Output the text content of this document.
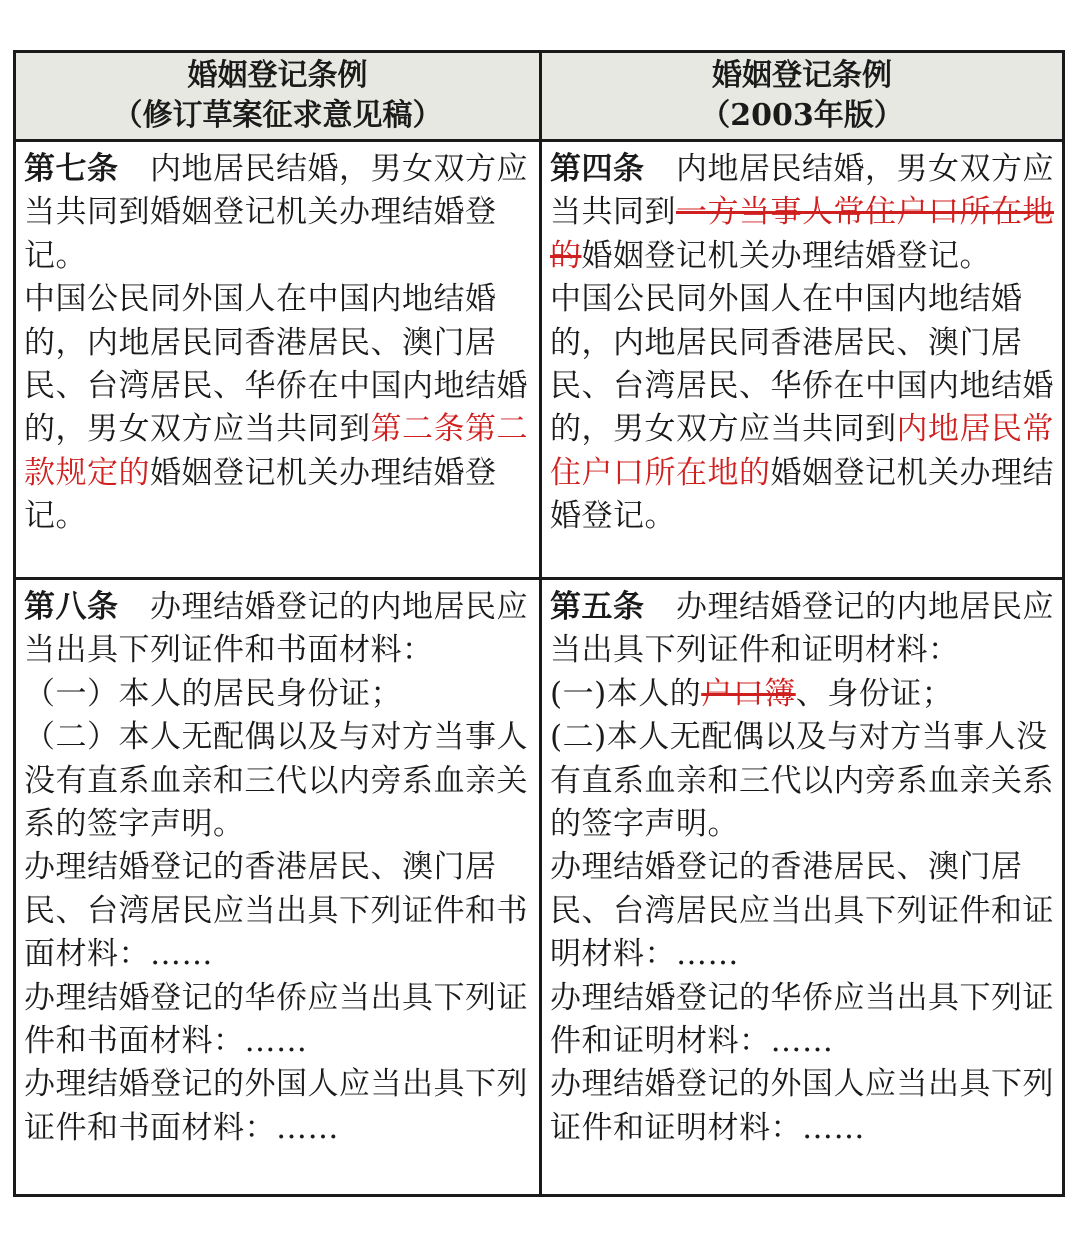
婚姻登记条例
（修订草案征求意见稿）
婚姻登记条例
（2003年版）

第七条　内地居民结婚，男女双方应当共同到婚姻登记机关办理结婚登记。

中国公民同外国人在中国内地结婚的，内地居民同香港居民、澳门居民、台湾居民、华侨在中国内地结婚的，男女双方应当共同到第二条第二款规定的婚姻登记机关办理结婚登记。

第四条　内地居民结婚，男女双方应当共同到一方当事人常住户口所在地的婚姻登记机关办理结婚登记。

中国公民同外国人在中国内地结婚的，内地居民同香港居民、澳门居民、台湾居民、华侨在中国内地结婚的，男女双方应当共同到内地居民常住户口所在地的婚姻登记机关办理结婚登记。

第八条　办理结婚登记的内地居民应当出具下列证件和书面材料：

（一）本人的居民身份证；

（二）本人无配偶以及与对方当事人没有直系血亲和三代以内旁系血亲关系的签字声明。

办理结婚登记的香港居民、澳门居民、台湾居民应当出具下列证件和书面材料：……

办理结婚登记的华侨应当出具下列证件和书面材料：……

办理结婚登记的外国人应当出具下列证件和书面材料：……

第五条　办理结婚登记的内地居民应当出具下列证件和证明材料：

(一)本人的户口簿、身份证；

(二)本人无配偶以及与对方当事人没有直系血亲和三代以内旁系血亲关系的签字声明。

办理结婚登记的香港居民、澳门居民、台湾居民应当出具下列证件和证明材料：……

办理结婚登记的华侨应当出具下列证件和证明材料：……

办理结婚登记的外国人应当出具下列证件和证明材料：……
